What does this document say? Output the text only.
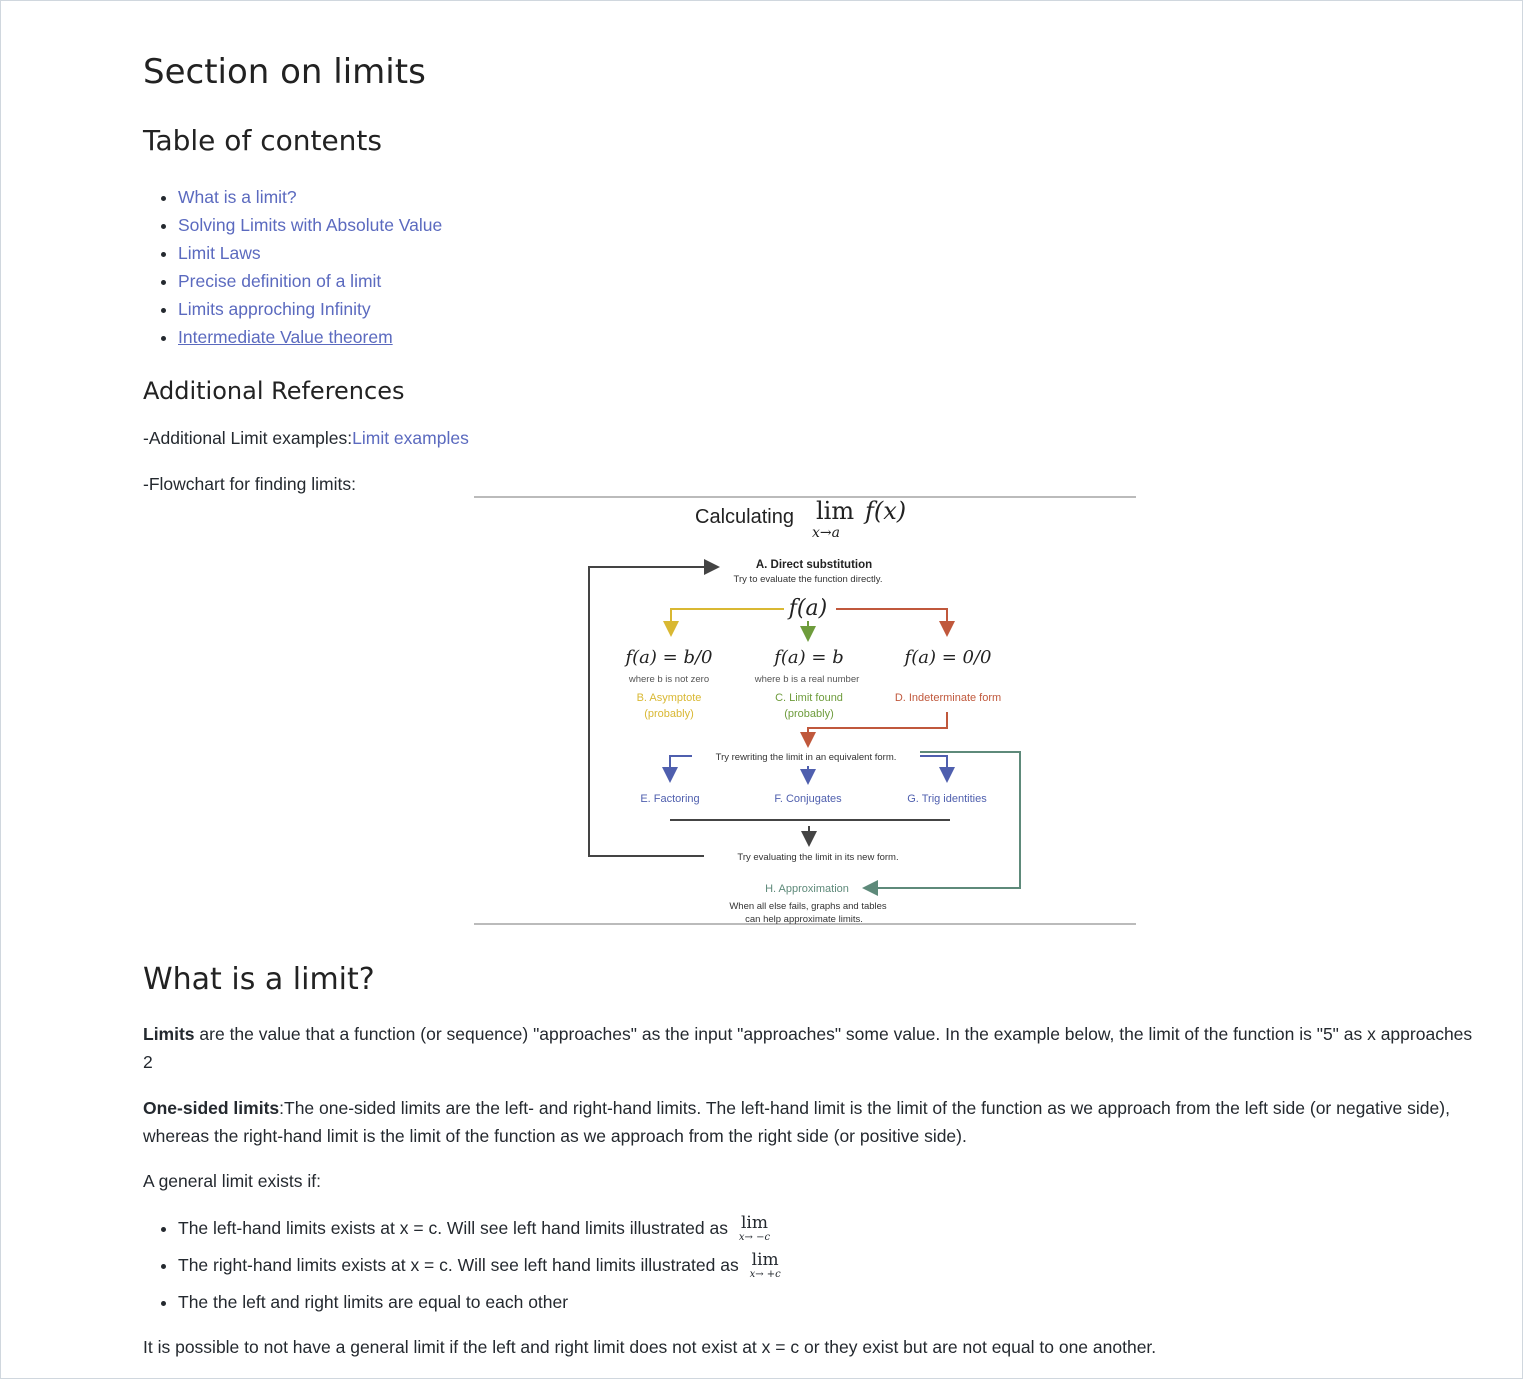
Section on limits
Table of contents
• What is a limit?
• Solving Limits with Absolute Value
• Limit Laws
• Precise definition of a limit
• Limits approching Infinity
• Intermediate Value theorem
Additional References

-Additional Limit examples:Limit examples

-Flowchart for finding limits:

Calculating lim
x→a
f(x)
A. Direct substitution
Try to evaluate the function directly.
f(a)
f(a) = b/0
where b is not zero
B. Asymptote
(probably)
f(a) = b
where b is a real number
C. Limit found
(probably)
f(a) = 0/0
D. Indeterminate form
Try rewriting the limit in an equivalent form.
E. Factoring	F. Conjugates	G. Trig identities
Try evaluating the limit in its new form.
H. Approximation
When all else fails, graphs and tables
can help approximate limits.
What is a limit?

Limits are the value that a function (or sequence) "approaches" as the input "approaches" some value. In the example below, the limit of the function is "5" as x approaches 2

One-sided limits:The one-sided limits are the left- and right-hand limits. The left-hand limit is the limit of the function as we approach from the left side (or negative side), whereas the right-hand limit is the limit of the function as we approach from the right side (or positive side).

A general limit exists if:

• The left-hand limits exists at x = c. Will see left hand limits illustrated as lim
x→ −c
• The right-hand limits exists at x = c. Will see left hand limits illustrated as lim
x→ +c
• The the left and right limits are equal to each other

It is possible to not have a general limit if the left and right limit does not exist at x = c or they exist but are not equal to one another.
